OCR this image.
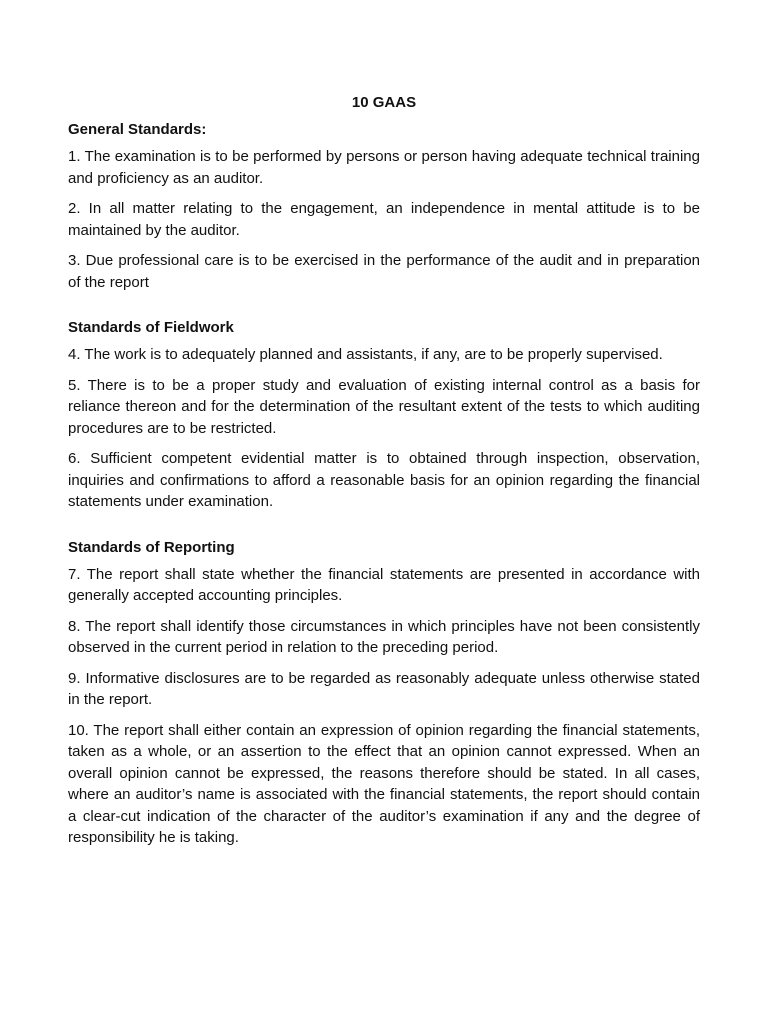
10 GAAS
General Standards:

1. The examination is to be performed by persons or person having adequate technical training and proficiency as an auditor.

2. In all matter relating to the engagement, an independence in mental attitude is to be maintained by the auditor.

3. Due professional care is to be exercised in the performance of the audit and in preparation of the report

Standards of Fieldwork

4. The work is to adequately planned and assistants, if any, are to be properly supervised.

5. There is to be a proper study and evaluation of existing internal control as a basis for reliance thereon and for the determination of the resultant extent of the tests to which auditing procedures are to be restricted.

6. Sufficient competent evidential matter is to obtained through inspection, observation, inquiries and confirmations to afford a reasonable basis for an opinion regarding the financial statements under examination.

Standards of Reporting

7. The report shall state whether the financial statements are presented in accordance with generally accepted accounting principles.

8. The report shall identify those circumstances in which principles have not been consistently observed in the current period in relation to the preceding period.

9. Informative disclosures are to be regarded as reasonably adequate unless otherwise stated in the report.

10. The report shall either contain an expression of opinion regarding the financial statements, taken as a whole, or an assertion to the effect that an opinion cannot expressed. When an overall opinion cannot be expressed, the reasons therefore should be stated. In all cases, where an auditor’s name is associated with the financial statements, the report should contain a clear-cut indication of the character of the auditor’s examination if any and the degree of responsibility he is taking.
